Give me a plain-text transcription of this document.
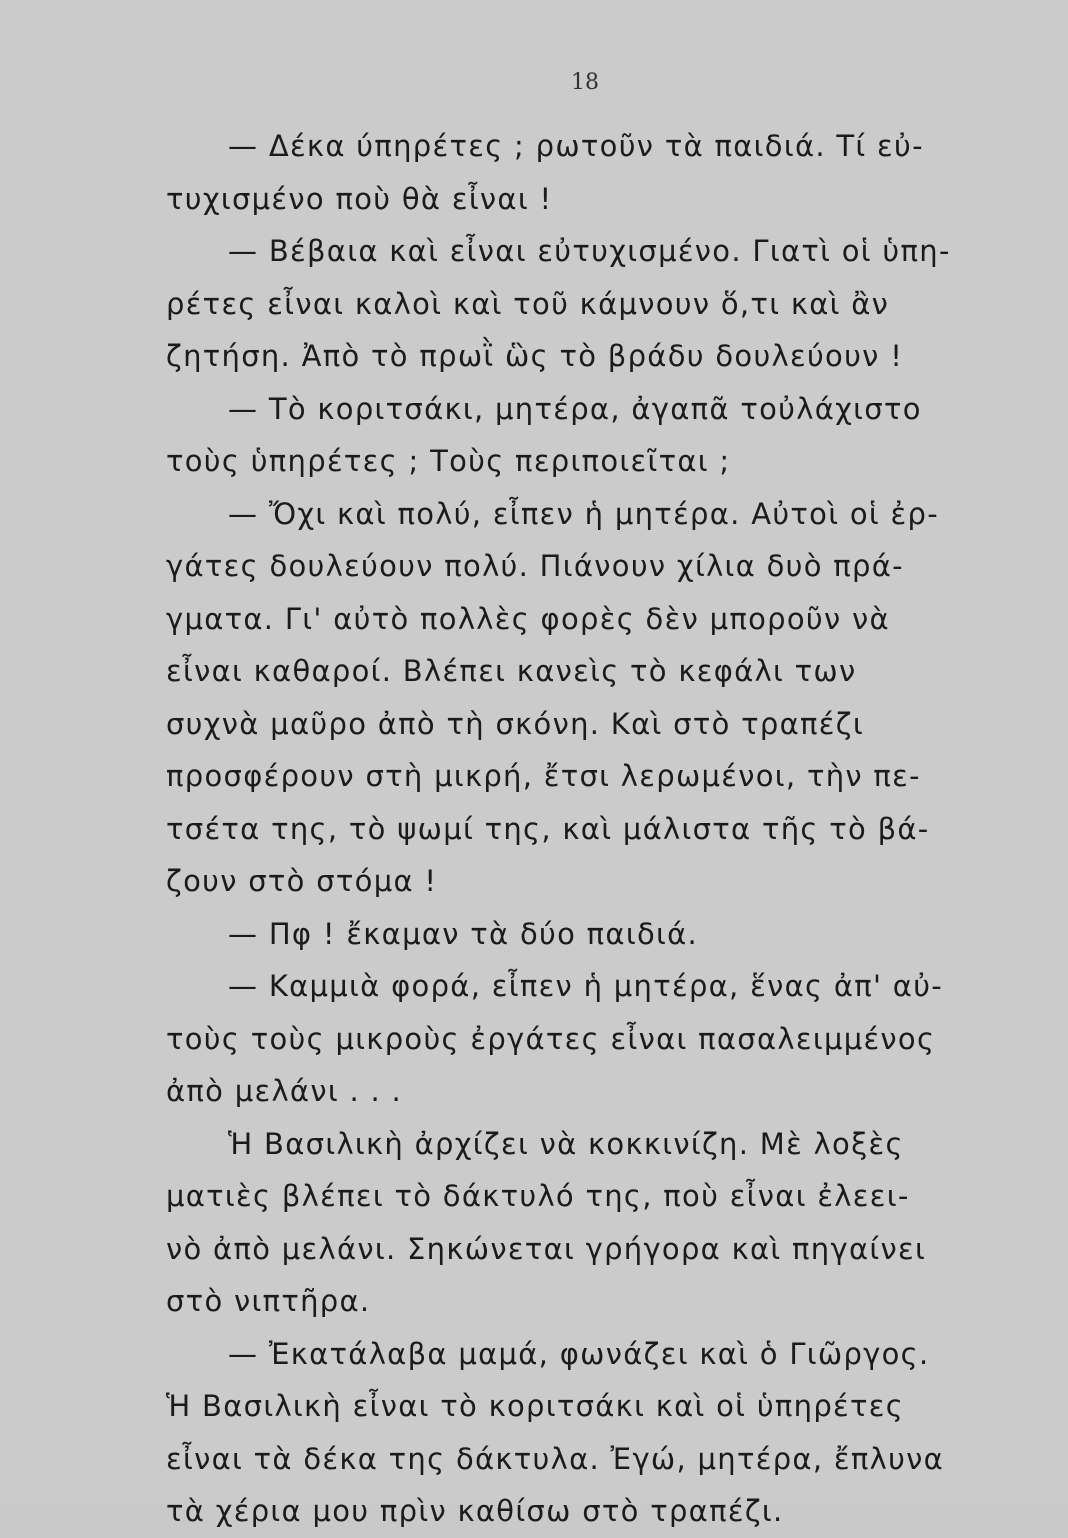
18
— Δέκα ύπηρέτες ; ρωτοῦν τὰ παιδιά. Τί εὐ-
τυχισμένο ποὺ θὰ εἶναι !
— Βέβαια καὶ εἶναι εὐτυχισμένο. Γιατὶ οἱ ὑπη-
ρέτες εἶναι καλοὶ καὶ τοῦ κάμνουν ὅ,τι καὶ ἂν
ζητήση. Ἀπὸ τὸ πρωῒ ὣς τὸ βράδυ δουλεύουν !
— Τὸ κοριτσάκι, μητέρα, ἀγαπᾶ τοὐλάχιστο
τοὺς ὑπηρέτες ; Τοὺς περιποιεῖται ;
— Ὄχι καὶ πολύ, εἶπεν ἡ μητέρα. Αὐτοὶ οἱ ἐρ-
γάτες δουλεύουν πολύ. Πιάνουν χίλια δυὸ πρά-
γματα. Γι' αὐτὸ πολλὲς φορὲς δὲν μποροῦν νὰ
εἶναι καθαροί. Βλέπει κανεὶς τὸ κεφάλι των
συχνὰ μαῦρο ἀπὸ τὴ σκόνη. Καὶ στὸ τραπέζι
προσφέρουν στὴ μικρή, ἔτσι λερωμένοι, τὴν πε-
τσέτα της, τὸ ψωμί της, καὶ μάλιστα τῆς τὸ βά-
ζουν στὸ στόμα !
— Πφ ! ἔκαμαν τὰ δύο παιδιά.
— Καμμιὰ φορά, εἶπεν ἡ μητέρα, ἕνας ἀπ' αὐ-
τοὺς τοὺς μικροὺς ἐργάτες εἶναι πασαλειμμένος
ἀπὸ μελάνι . . .
Ἡ Βασιλικὴ ἀρχίζει νὰ κοκκινίζη. Μὲ λοξὲς
ματιὲς βλέπει τὸ δάκτυλό της, ποὺ εἶναι ἐλεει-
νὸ ἀπὸ μελάνι. Σηκώνεται γρήγορα καὶ πηγαίνει
στὸ νιπτῆρα.
— Ἐκατάλαβα μαμά, φωνάζει καὶ ὁ Γιῶργος.
Ἡ Βασιλικὴ εἶναι τὸ κοριτσάκι καὶ οἱ ὑπηρέτες
εἶναι τὰ δέκα της δάκτυλα. Ἐγώ, μητέρα, ἔπλυνα
τὰ χέρια μου πρὶν καθίσω στὸ τραπέζι.
